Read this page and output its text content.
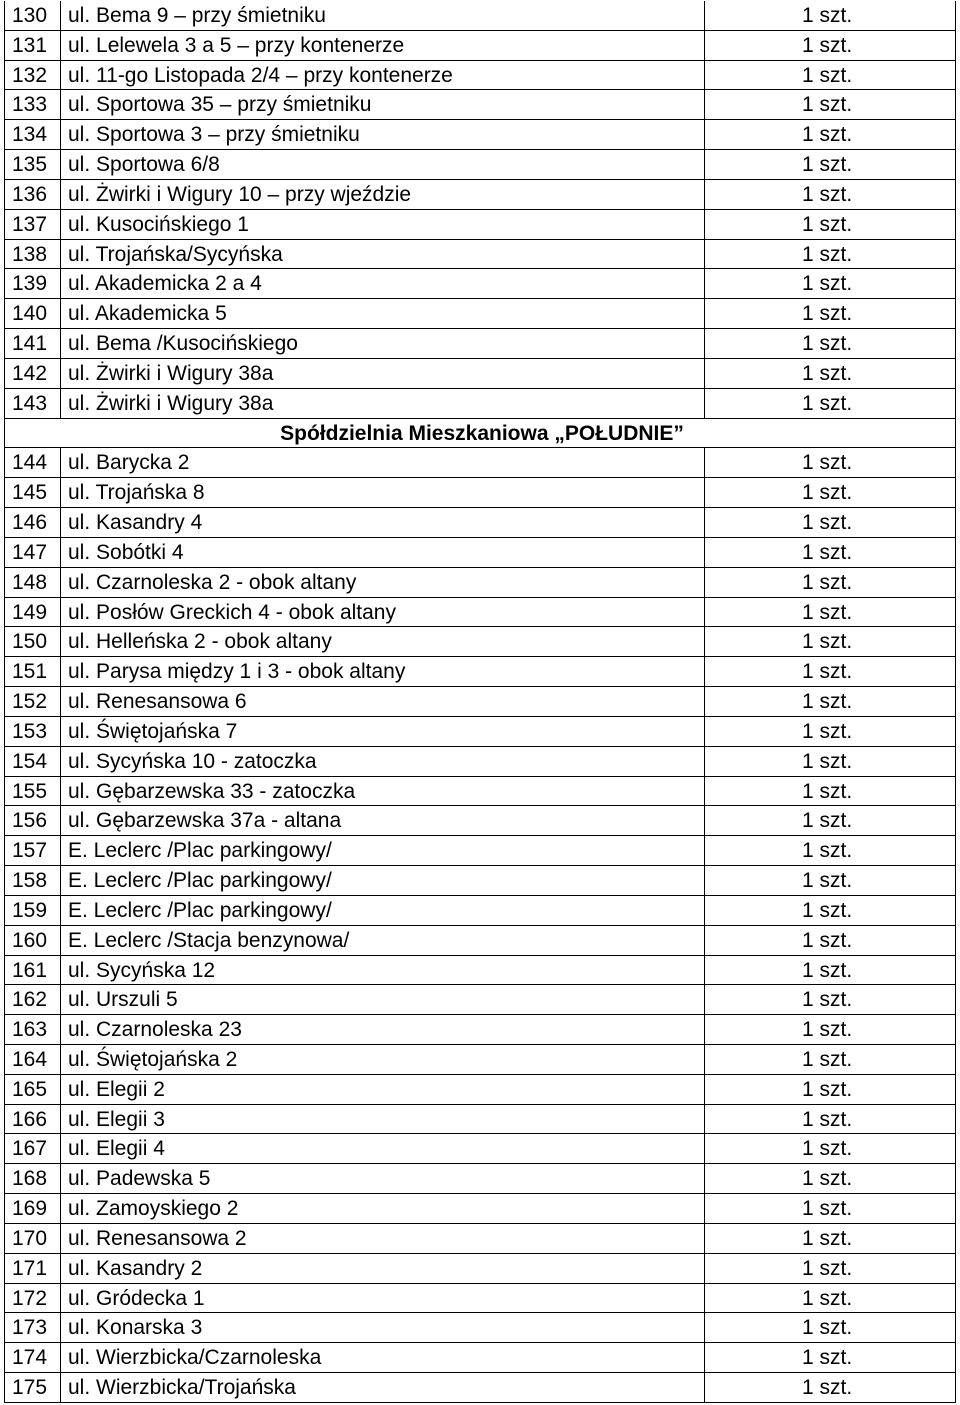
130 ul. Bema 9 – przy śmietniku	1 szt.
131 ul. Lelewela 3 a 5 – przy kontenerze	1 szt.
132 ul. 11-go Listopada 2/4 – przy kontenerze	1 szt.
133 ul. Sportowa 35 – przy śmietniku	1 szt.
134 ul. Sportowa 3 – przy śmietniku	1 szt.
135 ul. Sportowa 6/8	1 szt.
136 ul. Żwirki i Wigury 10 – przy wjeździe	1 szt.
137 ul. Kusocińskiego 1	1 szt.
138 ul. Trojańska/Sycyńska	1 szt.
139 ul. Akademicka 2 a 4	1 szt.
140 ul. Akademicka 5	1 szt.
141 ul. Bema /Kusocińskiego	1 szt.
142 ul. Żwirki i Wigury 38a	1 szt.
143 ul. Żwirki i Wigury 38a	1 szt.
Spółdzielnia Mieszkaniowa „POŁUDNIE”
144 ul. Barycka 2	1 szt.
145 ul. Trojańska 8	1 szt.
146 ul. Kasandry 4	1 szt.
147 ul. Sobótki 4	1 szt.
148 ul. Czarnoleska 2 - obok altany	1 szt.
149 ul. Posłów Greckich 4 - obok altany	1 szt.
150 ul. Helleńska 2 - obok altany	1 szt.
151 ul. Parysa między 1 i 3 - obok altany	1 szt.
152 ul. Renesansowa 6	1 szt.
153 ul. Świętojańska 7	1 szt.
154 ul. Sycyńska 10 - zatoczka	1 szt.
155 ul. Gębarzewska 33 - zatoczka	1 szt.
156 ul. Gębarzewska 37a - altana	1 szt.
157 E. Leclerc /Plac parkingowy/	1 szt.
158 E. Leclerc /Plac parkingowy/	1 szt.
159 E. Leclerc /Plac parkingowy/	1 szt.
160 E. Leclerc /Stacja benzynowa/	1 szt.
161 ul. Sycyńska 12	1 szt.
162 ul. Urszuli 5	1 szt.
163 ul. Czarnoleska 23	1 szt.
164 ul. Świętojańska 2	1 szt.
165 ul. Elegii 2	1 szt.
166 ul. Elegii 3	1 szt.
167 ul. Elegii 4	1 szt.
168 ul. Padewska 5	1 szt.
169 ul. Zamoyskiego 2	1 szt.
170 ul. Renesansowa 2	1 szt.
171 ul. Kasandry 2	1 szt.
172 ul. Gródecka 1	1 szt.
173 ul. Konarska 3	1 szt.
174 ul. Wierzbicka/Czarnoleska	1 szt.
175 ul. Wierzbicka/Trojańska	1 szt.
